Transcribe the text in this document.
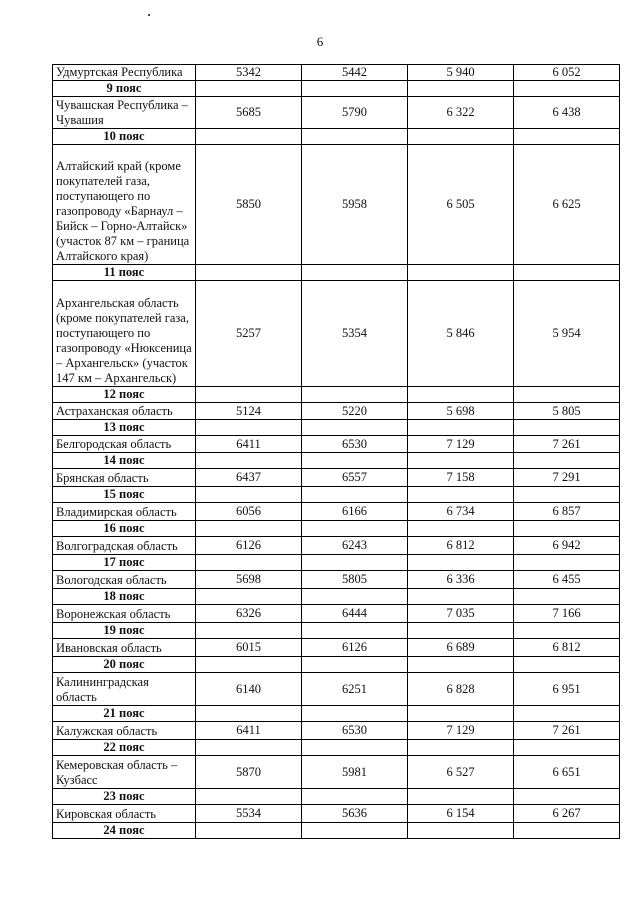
6
Удмуртская Республика	5342	5442	5 940	6 052
9 пояс				
Чувашская Республика – Чувашия	5685	5790	6 322	6 438
10 пояс				
Алтайский край (кроме покупателей газа, поступающего по газопроводу «Барнаул – Бийск – Горно-Алтайск» (участок 87 км – граница Алтайского края)	5850	5958	6 505	6 625
11 пояс				
Архангельская область (кроме покупателей газа, поступающего по газопроводу «Нюксеница – Архангельск» (участок 147 км – Архангельск)	5257	5354	5 846	5 954
12 пояс				
Астраханская область	5124	5220	5 698	5 805
13 пояс				
Белгородская область	6411	6530	7 129	7 261
14 пояс				
Брянская область	6437	6557	7 158	7 291
15 пояс				
Владимирская область	6056	6166	6 734	6 857
16 пояс				
Волгоградская область	6126	6243	6 812	6 942
17 пояс				
Вологодская область	5698	5805	6 336	6 455
18 пояс				
Воронежская область	6326	6444	7 035	7 166
19 пояс				
Ивановская область	6015	6126	6 689	6 812
20 пояс				
Калининградская область	6140	6251	6 828	6 951
21 пояс				
Калужская область	6411	6530	7 129	7 261
22 пояс				
Кемеровская область – Кузбасс	5870	5981	6 527	6 651
23 пояс				
Кировская область	5534	5636	6 154	6 267
24 пояс				
